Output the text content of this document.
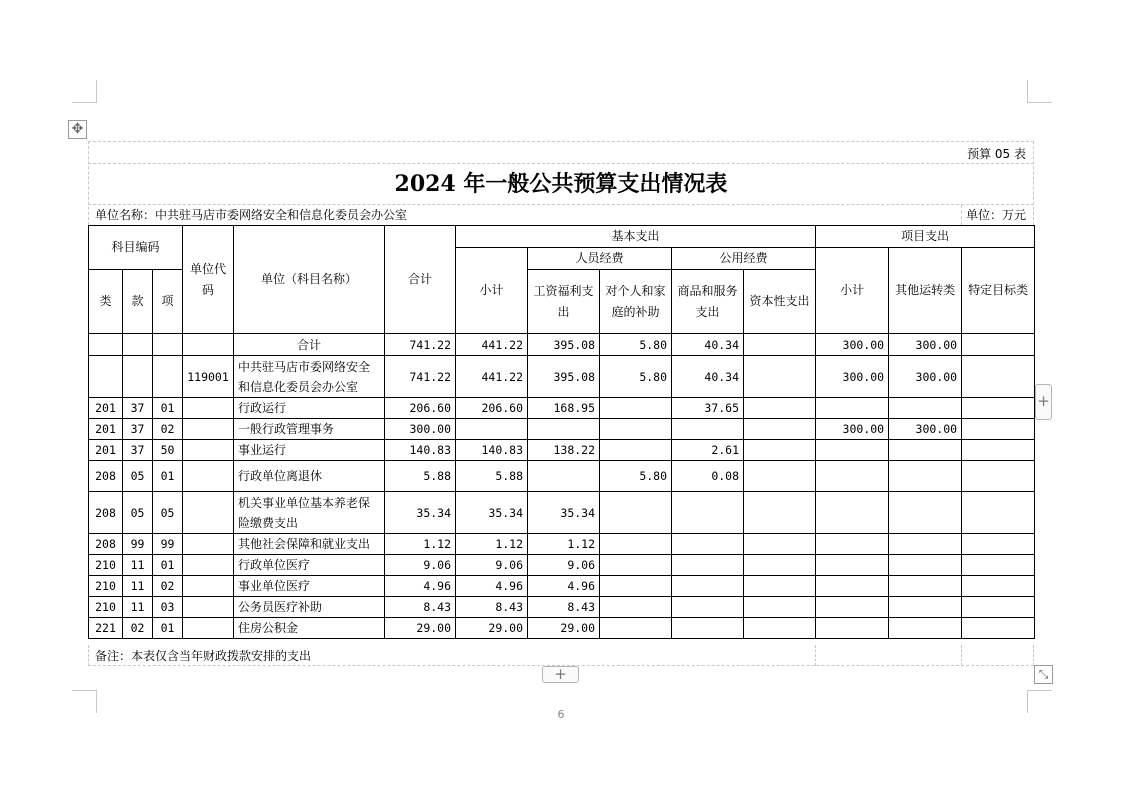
✥
预算 05 表
2024 年一般公共预算支出情况表
单位名称：中共驻马店市委网络安全和信息化委员会办公室	单位：万元
科目编码			单位代码	单位（科目名称）	合计	基本支出					项目支出		
						小计	人员经费		公用经费		小计	其他运转类	特定目标类
类	款	项					工资福利支出	对个人和家庭的补助	商品和服务支出	资本性支出			
				合计	741.22	441.22	395.08	5.80	40.34		300.00	300.00	
			119001	中共驻马店市委网络安全和信息化委员会办公室	741.22	441.22	395.08	5.80	40.34		300.00	300.00	
201	37	01		行政运行	206.60	206.60	168.95		37.65				
201	37	02		一般行政管理事务	300.00						300.00	300.00	
201	37	50		事业运行	140.83	140.83	138.22		2.61				
208	05	01		行政单位离退休	5.88	5.88		5.80	0.08				
208	05	05		机关事业单位基本养老保险缴费支出	35.34	35.34	35.34						
208	99	99		其他社会保障和就业支出	1.12	1.12	1.12						
210	11	01		行政单位医疗	9.06	9.06	9.06						
210	11	02		事业单位医疗	4.96	4.96	4.96						
210	11	03		公务员医疗补助	8.43	8.43	8.43						
221	02	01		住房公积金	29.00	29.00	29.00						
备注：本表仅含当年财政拨款安排的支出
+
+	⤡
6
